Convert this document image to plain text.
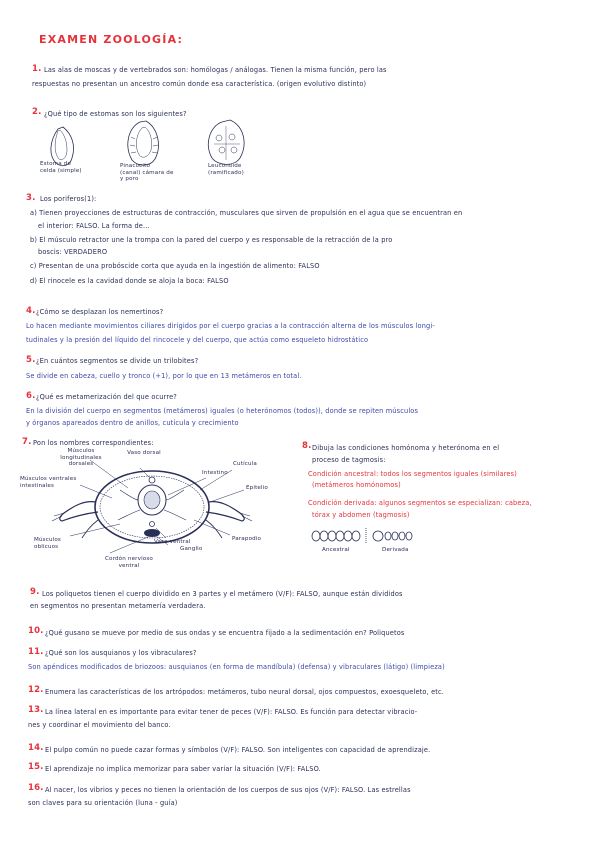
EXAMEN ZOOLOGÍA:
1. Las alas de moscas y de vertebrados son: homólogas / análogas. Tienen la misma función, pero las
respuestas no presentan un ancestro común donde esa característica. (origen evolutivo distinto)
2. ¿Qué tipo de estomas son los siguientes?
Estoma de
celda (simple)
Pinacocito
(canal) cámara de
y poro
Leuconoide
(ramificado)
3. Los poriferos(1):
a) Tienen proyecciones de estructuras de contracción, musculares que sirven de propulsión en el agua que se encuentran en
el interior: FALSO. La forma de...
b) El músculo retractor une la trompa con la pared del cuerpo y es responsable de la retracción de la pro
boscis: VERDADERO
c) Presentan de una probóscide corta que ayuda en la ingestión de alimento: FALSO
d) El rinocele es la cavidad donde se aloja la boca: FALSO
4. ¿Cómo se desplazan los nemertinos?
Lo hacen mediante movimientos ciliares dirigidos por el cuerpo gracias a la contracción alterna de los músculos longi-
tudinales y la presión del líquido del rincocele y del cuerpo, que actúa como esqueleto hidrostático
5. ¿En cuántos segmentos se divide un trilobites?
Se divide en cabeza, cuello y tronco (+1), por lo que en 13 metámeros en total.
6. ¿Qué es metamerización del que ocurre?
En la división del cuerpo en segmentos (metámeros) iguales (o heterónomos (todos)), donde se repiten músculos
y órganos apareados dentro de anillos, cutícula y crecimiento
7. Pon los nombres correspondientes:
Músculos longitudinales dorsales
Vaso dorsal
Intestino
Cutícula
Músculos ventrales intestinales	Epitelio
Parapodio
Músculos oblicuos
Vaso ventral
Ganglio
Cordón nervioso ventral
8. Dibuja las condiciones homónoma y heterónoma en el
proceso de tagmosis:
Condición ancestral: todos los segmentos iguales (similares)
(metámeros homónomos)
Condición derivada: algunos segmentos se especializan: cabeza,
tórax y abdomen (tagmosis)
Ancestral	Derivada
9. Los poliquetos tienen el cuerpo dividido en 3 partes y el metámero (V/F): FALSO, aunque están divididos
en segmentos no presentan metamería verdadera.
10. ¿Qué gusano se mueve por medio de sus ondas y se encuentra fijado a la sedimentación en? Poliquetos
11. ¿Qué son los ausquianos y los vibraculares?
Son apéndices modificados de briozoos: ausquianos (en forma de mandíbula) (defensa) y vibraculares (látigo) (limpieza)
12. Enumera las características de los artrópodos: metámeros, tubo neural dorsal, ojos compuestos, exoesqueleto, etc.
13. La línea lateral en es importante para evitar tener de peces (V/F): FALSO. Es función para detectar vibracio-
nes y coordinar el movimiento del banco.
14. El pulpo común no puede cazar formas y símbolos (V/F): FALSO. Son inteligentes con capacidad de aprendizaje.
15. El aprendizaje no implica memorizar para saber variar la situación (V/F): FALSO.
16. Al nacer, los vibrios y peces no tienen la orientación de los cuerpos de sus ojos (V/F): FALSO. Las estrellas
son claves para su orientación (luna - guía)
